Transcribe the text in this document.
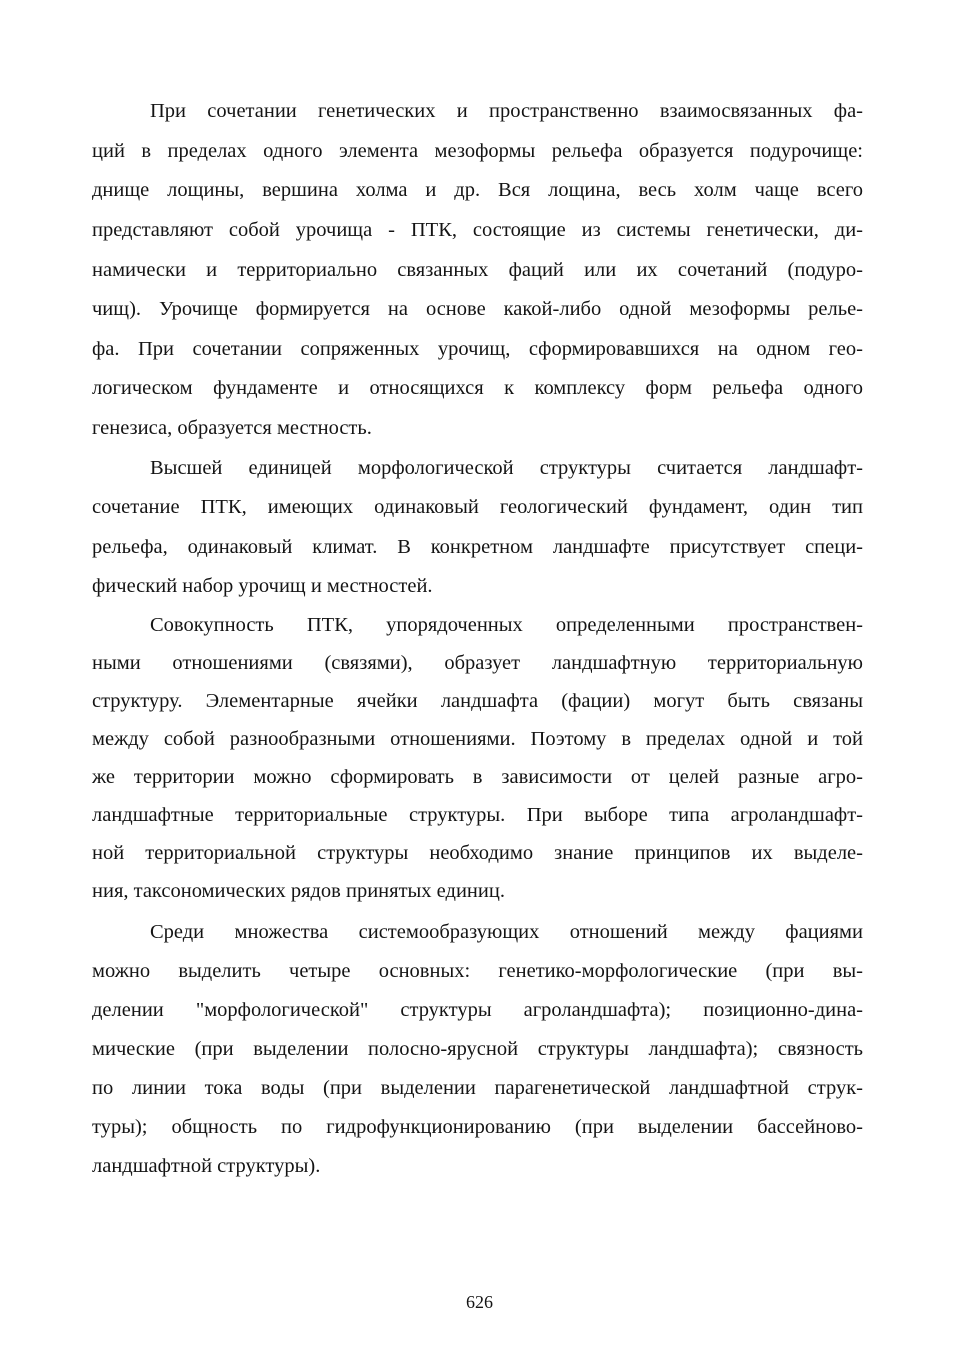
При сочетании генетических и пространственно взаимосвязанных фа-
ций в пределах одного элемента мезоформы рельефа образуется подурочище:
днище лощины, вершина холма и др. Вся лощина, весь холм чаще всего
представляют собой урочища - ПТК, состоящие из системы генетически, ди-
намически и территориально связанных фаций или их сочетаний (подуро-
чищ). Урочище формируется на основе какой-либо одной мезоформы релье-
фа. При сочетании сопряженных урочищ, сформировавшихся на одном гео-
логическом фундаменте и относящихся к комплексу форм рельефа одного
генезиса, образуется местность.
Высшей единицей морфологической структуры считается ландшафт-
сочетание ПТК, имеющих одинаковый геологический фундамент, один тип
рельефа, одинаковый климат. В конкретном ландшафте присутствует специ-
фический набор урочищ и местностей.
Совокупность ПТК, упорядоченных определенными пространствен-
ными отношениями (связями), образует ландшафтную территориальную
структуру. Элементарные ячейки ландшафта (фации) могут быть связаны
между собой разнообразными отношениями. Поэтому в пределах одной и той
же территории можно сформировать в зависимости от целей разные агро-
ландшафтные территориальные структуры. При выборе типа агроландшафт-
ной территориальной структуры необходимо знание принципов их выделе-
ния, таксономических рядов принятых единиц.
Среди множества системообразующих отношений между фациями
можно выделить четыре основных: генетико-морфологические (при вы-
делении "морфологической" структуры агроландшафта); позиционно-дина-
мические (при выделении полосно-ярусной структуры ландшафта); связность
по линии тока воды (при выделении парагенетической ландшафтной струк-
туры); общность по гидрофункционированию (при выделении бассейново-
ландшафтной структуры).
626
